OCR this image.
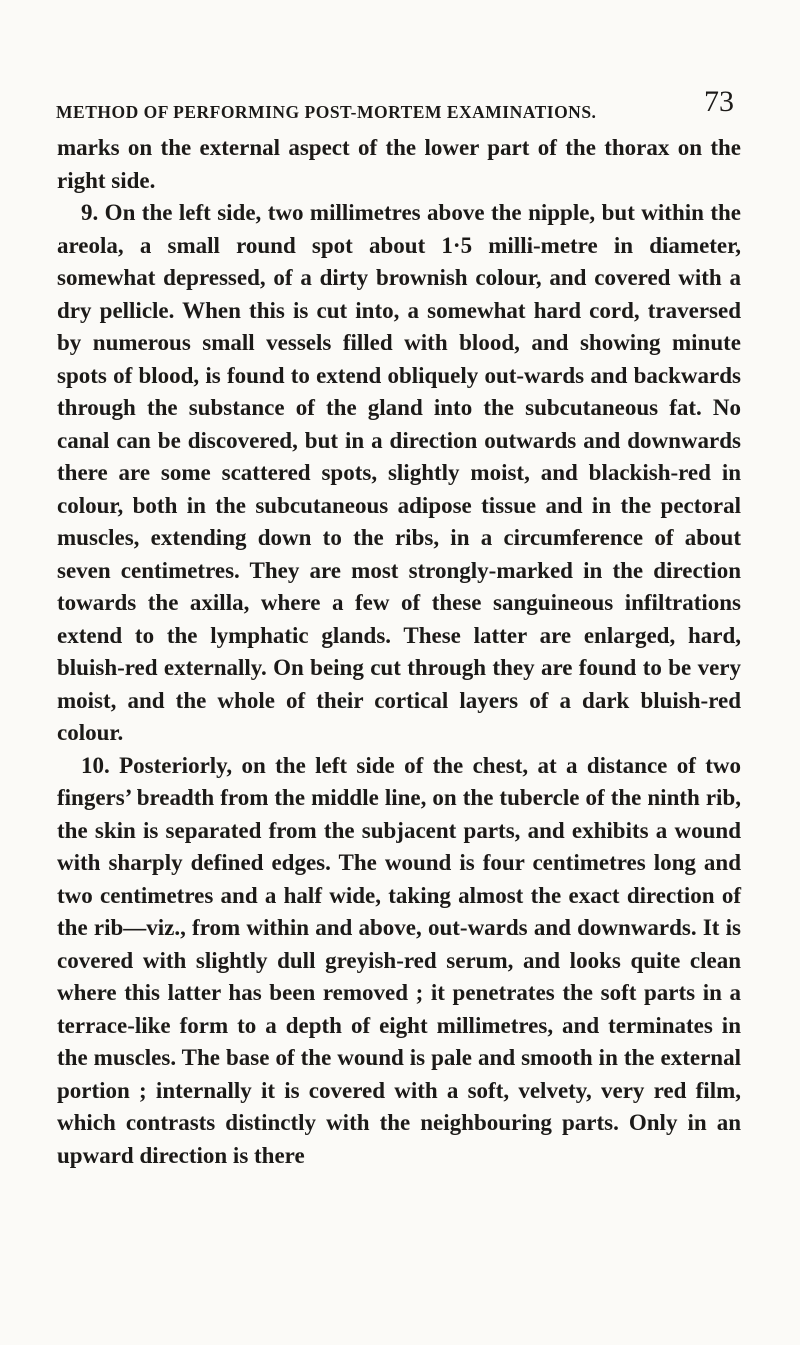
METHOD OF PERFORMING POST-MORTEM EXAMINATIONS.	73

marks on the external aspect of the lower part of the thorax on the right side.

9. On the left side, two millimetres above the nipple, but within the areola, a small round spot about 1·5 milli-metre in diameter, somewhat depressed, of a dirty brownish colour, and covered with a dry pellicle. When this is cut into, a somewhat hard cord, traversed by numerous small vessels filled with blood, and showing minute spots of blood, is found to extend obliquely out-wards and backwards through the substance of the gland into the subcutaneous fat. No canal can be discovered, but in a direction outwards and downwards there are some scattered spots, slightly moist, and blackish-red in colour, both in the subcutaneous adipose tissue and in the pectoral muscles, extending down to the ribs, in a circumference of about seven centimetres. They are most strongly-marked in the direction towards the axilla, where a few of these sanguineous infiltrations extend to the lymphatic glands. These latter are enlarged, hard, bluish-red externally. On being cut through they are found to be very moist, and the whole of their cortical layers of a dark bluish-red colour.

10. Posteriorly, on the left side of the chest, at a distance of two fingers’ breadth from the middle line, on the tubercle of the ninth rib, the skin is separated from the subjacent parts, and exhibits a wound with sharply defined edges. The wound is four centimetres long and two centimetres and a half wide, taking almost the exact direction of the rib—viz., from within and above, out-wards and downwards. It is covered with slightly dull greyish-red serum, and looks quite clean where this latter has been removed ; it penetrates the soft parts in a terrace-like form to a depth of eight millimetres, and terminates in the muscles. The base of the wound is pale and smooth in the external portion ; internally it is covered with a soft, velvety, very red film, which contrasts distinctly with the neighbouring parts. Only in an upward direction is there
